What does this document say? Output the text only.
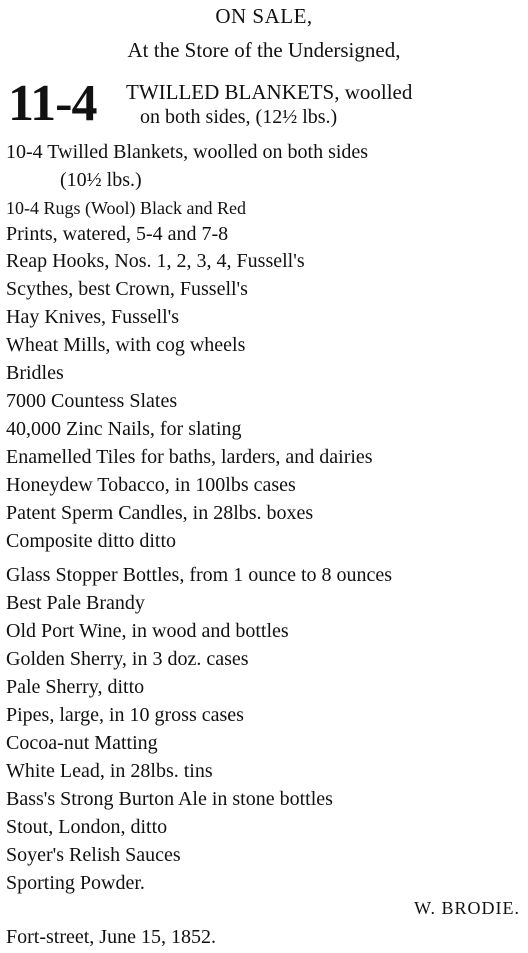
ON SALE,
At the Store of the Undersigned,
11-4 TWILLED BLANKETS, woolled
on both sides, (12½ lbs.)
10-4 Twilled Blankets, woolled on both sides
(10½ lbs.)
10-4 Rugs (Wool) Black and Red
Prints, watered, 5-4 and 7-8
Reap Hooks, Nos. 1, 2, 3, 4, Fussell's
Scythes, best Crown, Fussell's
Hay Knives, Fussell's
Wheat Mills, with cog wheels
Bridles
7000 Countess Slates
40,000 Zinc Nails, for slating
Enamelled Tiles for baths, larders, and dairies
Honeydew Tobacco, in 100lbs cases
Patent Sperm Candles, in 28lbs. boxes
Composite ditto ditto
Glass Stopper Bottles, from 1 ounce to 8 ounces
Best Pale Brandy
Old Port Wine, in wood and bottles
Golden Sherry, in 3 doz. cases
Pale Sherry, ditto
Pipes, large, in 10 gross cases
Cocoa-nut Matting
White Lead, in 28lbs. tins
Bass's Strong Burton Ale in stone bottles
Stout, London, ditto
Soyer's Relish Sauces
Sporting Powder.
W. BRODIE.
Fort-street, June 15, 1852.
